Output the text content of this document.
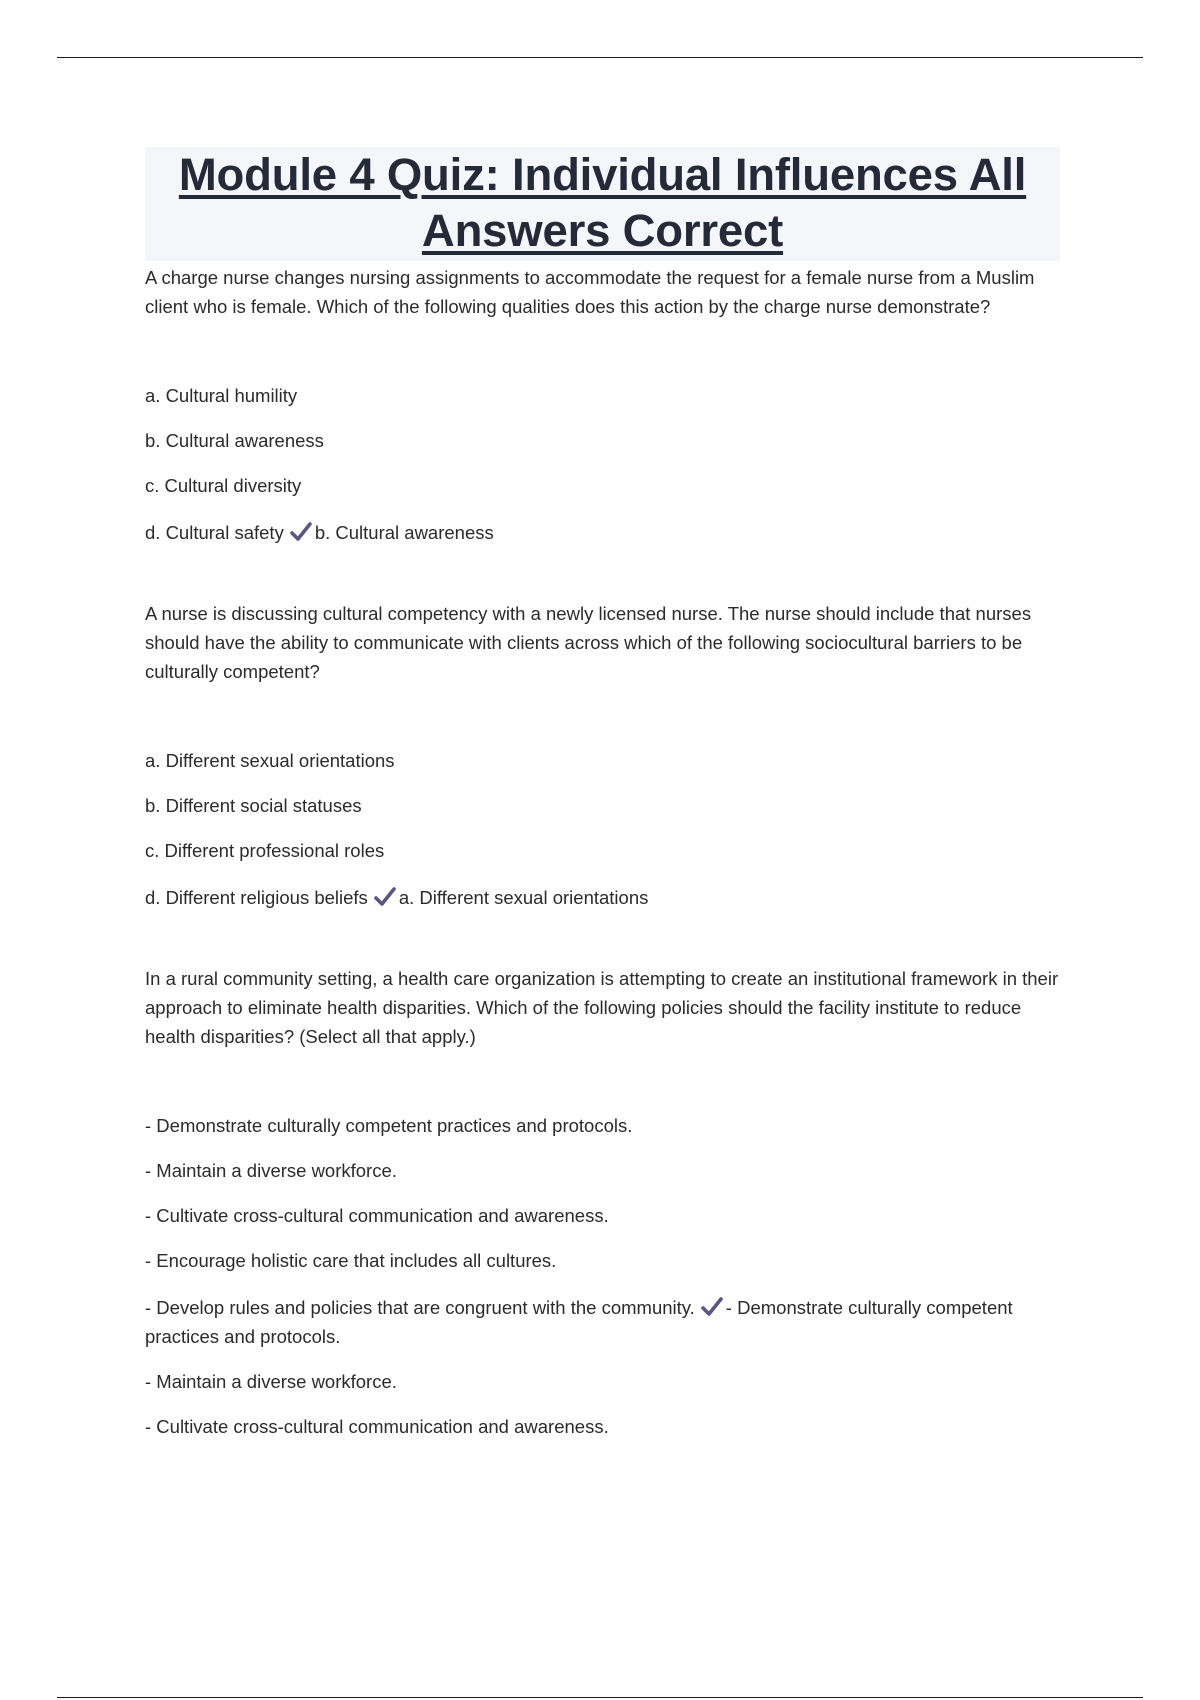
Module 4 Quiz: Individual Influences All Answers Correct

A charge nurse changes nursing assignments to accommodate the request for a female nurse from a Muslim client who is female. Which of the following qualities does this action by the charge nurse demonstrate?

a. Cultural humility
b. Cultural awareness
c. Cultural diversity
d. Cultural safety b. Cultural awareness

A nurse is discussing cultural competency with a newly licensed nurse. The nurse should include that nurses should have the ability to communicate with clients across which of the following sociocultural barriers to be culturally competent?

a. Different sexual orientations
b. Different social statuses
c. Different professional roles
d. Different religious beliefs a. Different sexual orientations

In a rural community setting, a health care organization is attempting to create an institutional framework in their approach to eliminate health disparities. Which of the following policies should the facility institute to reduce health disparities? (Select all that apply.)

- Demonstrate culturally competent practices and protocols.
- Maintain a diverse workforce.
- Cultivate cross-cultural communication and awareness.
- Encourage holistic care that includes all cultures.
- Develop rules and policies that are congruent with the community. - Demonstrate culturally competent practices and protocols.
- Maintain a diverse workforce.
- Cultivate cross-cultural communication and awareness.
